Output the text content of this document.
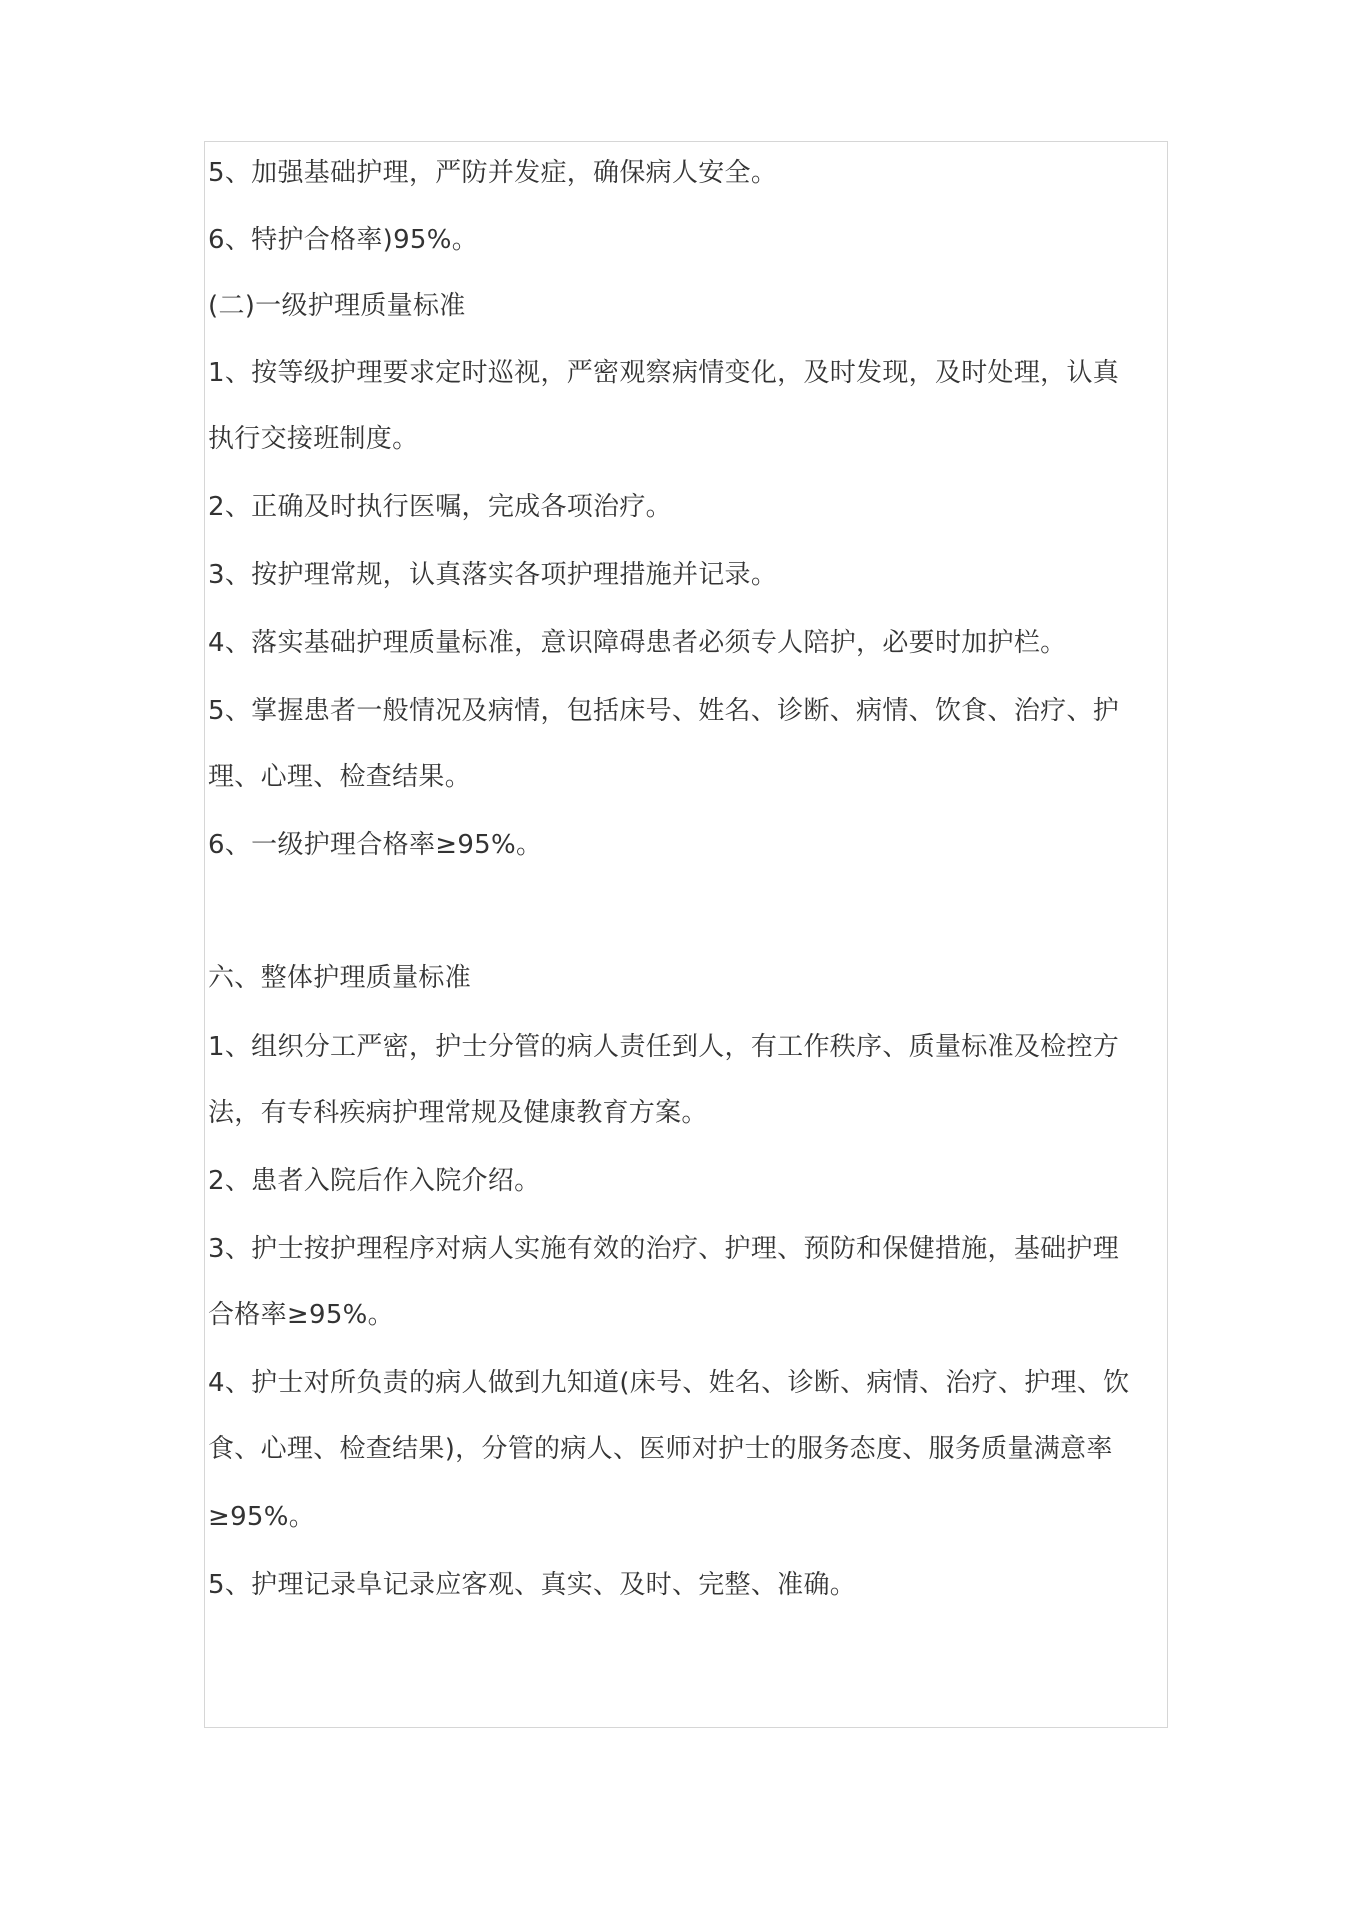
5、加强基础护理，严防并发症，确保病人安全。
6、特护合格率)95%。
(二)一级护理质量标准
1、按等级护理要求定时巡视，严密观察病情变化，及时发现，及时处理，认真
执行交接班制度。
2、正确及时执行医嘱，完成各项治疗。
3、按护理常规，认真落实各项护理措施并记录。
4、落实基础护理质量标准，意识障碍患者必须专人陪护，必要时加护栏。
5、掌握患者一般情况及病情，包括床号、姓名、诊断、病情、饮食、治疗、护
理、心理、检查结果。
6、一级护理合格率≥95%。
六、整体护理质量标准
1、组织分工严密，护士分管的病人责任到人，有工作秩序、质量标准及检控方
法，有专科疾病护理常规及健康教育方案。
2、患者入院后作入院介绍。
3、护士按护理程序对病人实施有效的治疗、护理、预防和保健措施，基础护理
合格率≥95%。
4、护士对所负责的病人做到九知道(床号、姓名、诊断、病情、治疗、护理、饮
食、心理、检查结果)，分管的病人、医师对护士的服务态度、服务质量满意率
≥95%。
5、护理记录阜记录应客观、真实、及时、完整、准确。
